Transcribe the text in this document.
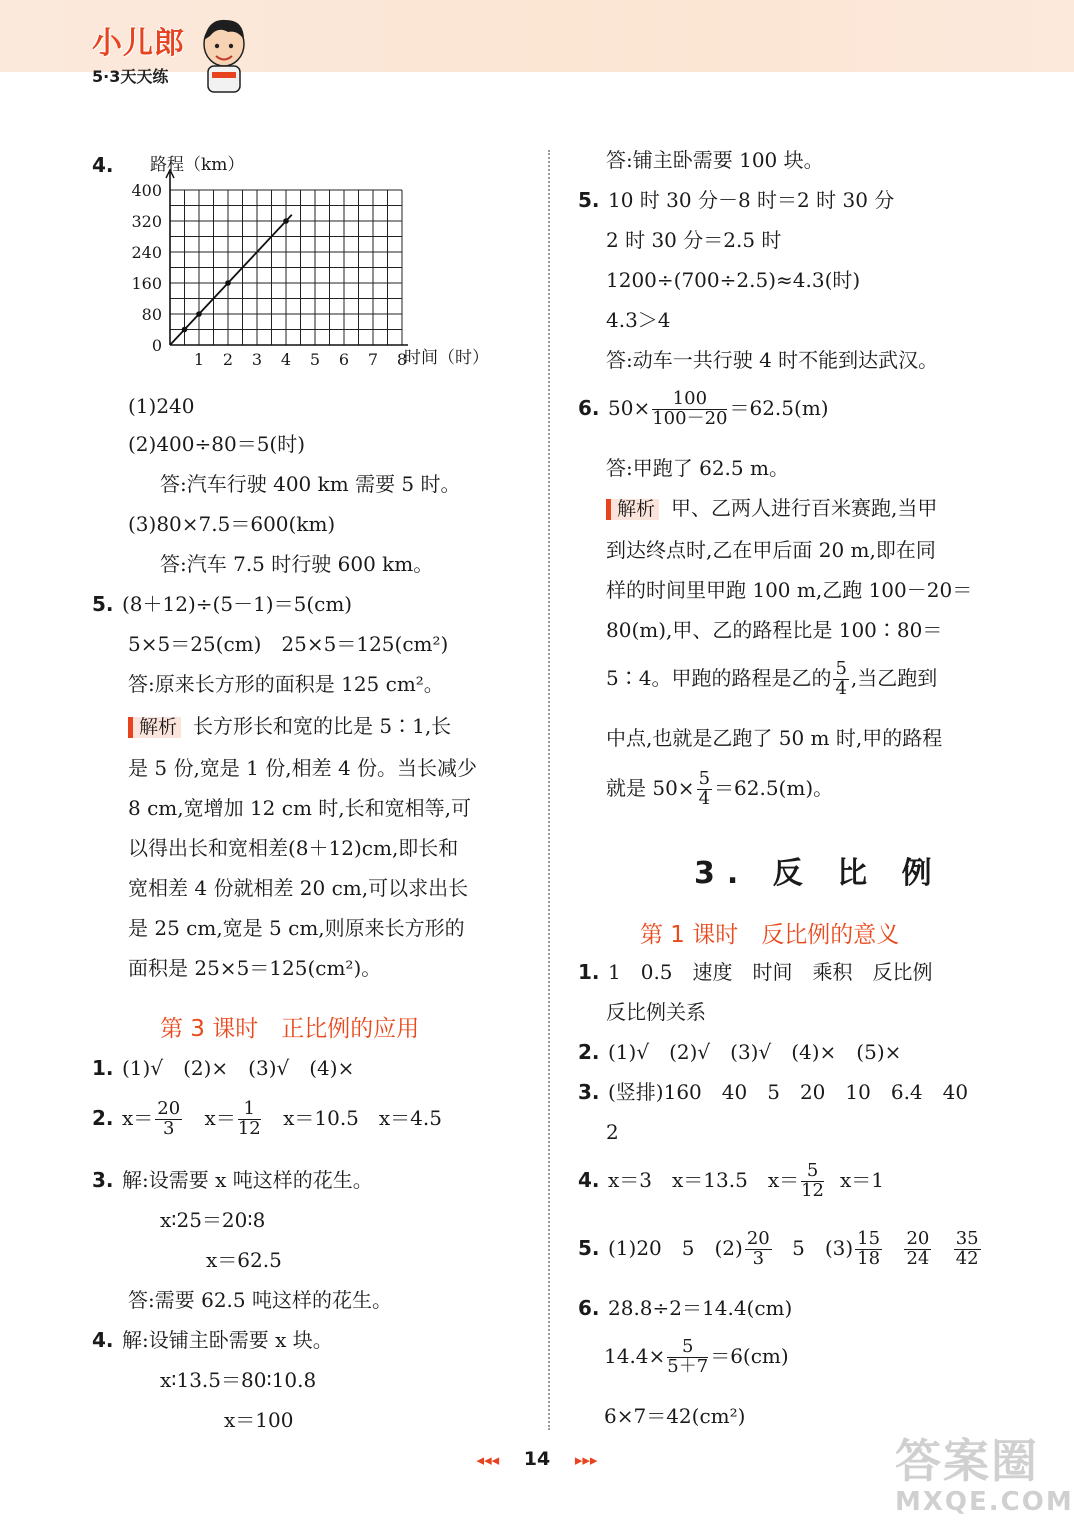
小儿郎
5·3天天练
4.
1 2 3 4 5 6 7 8
0
80
160
240
320
400
路程（km）
时间（时）
(1)240
(2)400÷80＝5(时)
答:汽车行驶 400 km 需要 5 时。
(3)80×7.5＝600(km)
答:汽车 7.5 时行驶 600 km。
5. (8＋12)÷(5－1)＝5(cm)
5×5＝25(cm)　25×5＝125(cm²)
答:原来长方形的面积是 125 cm²。
解析 长方形长和宽的比是 5∶1,长
是 5 份,宽是 1 份,相差 4 份。当长减少
8 cm,宽增加 12 cm 时,长和宽相等,可
以得出长和宽相差(8＋12)cm,即长和
宽相差 4 份就相差 20 cm,可以求出长
是 25 cm,宽是 5 cm,则原来长方形的
面积是 25×5＝125(cm²)。
第 3 课时　正比例的应用
1. (1)√　(2)×　(3)√　(4)×
2. $x= \frac{20}{3} x= \frac{1}{12} x=10.5$　x＝4.5
3. 解:设需要 x 吨这样的花生。
x∶25＝20∶8
x＝62.5
答:需要 62.5 吨这样的花生。
4. 解:设铺主卧需要 x 块。
x∶13.5＝80∶10.8
x＝100
答:铺主卧需要 100 块。
5. 10 时 30 分－8 时＝2 时 30 分
2 时 30 分＝2.5 时
1200÷(700÷2.5)≈4.3(时)
4.3＞4
答:动车一共行驶 4 时不能到达武汉。
6. $50\times \frac{100}{100-20} =62.5(m)$
答:甲跑了 62.5 m。
解析 甲、乙两人进行百米赛跑,当甲
到达终点时,乙在甲后面 20 m,即在同
样的时间里甲跑 100 m,乙跑 100－20＝
80(m),甲、乙的路程比是 100∶80＝
5∶4。甲跑的路程是乙的 $\frac{5}{4}$ ,当乙跑到
中点,也就是乙跑了 50 m 时,甲的路程
就是 $50\times \frac{5}{4} =62.5(m)$。
3. 反 比 例
第 1 课时　反比例的意义
1. 1　0.5　速度　时间　乘积　反比例
反比例关系
2. (1)√　(2)√　(3)√　(4)×　(5)×
3. (竖排)160　40　5　20　10　6.4　40
2
4. x＝3　x＝13.5　$x= \frac{5}{12} x=1$
5. (1)20　5　$(2) \frac{20}{3} 5$　$(3) \frac{15}{18}$
$\frac{20}{24}$
$\frac{35}{42}$
6. 28.8÷2＝14.4(cm)
$14.4\times \frac{5}{5+7} =6(cm)$
6×7＝42(cm²)
◂◂◂ 14 ▸▸▸	答案圈
MXQE.COM
